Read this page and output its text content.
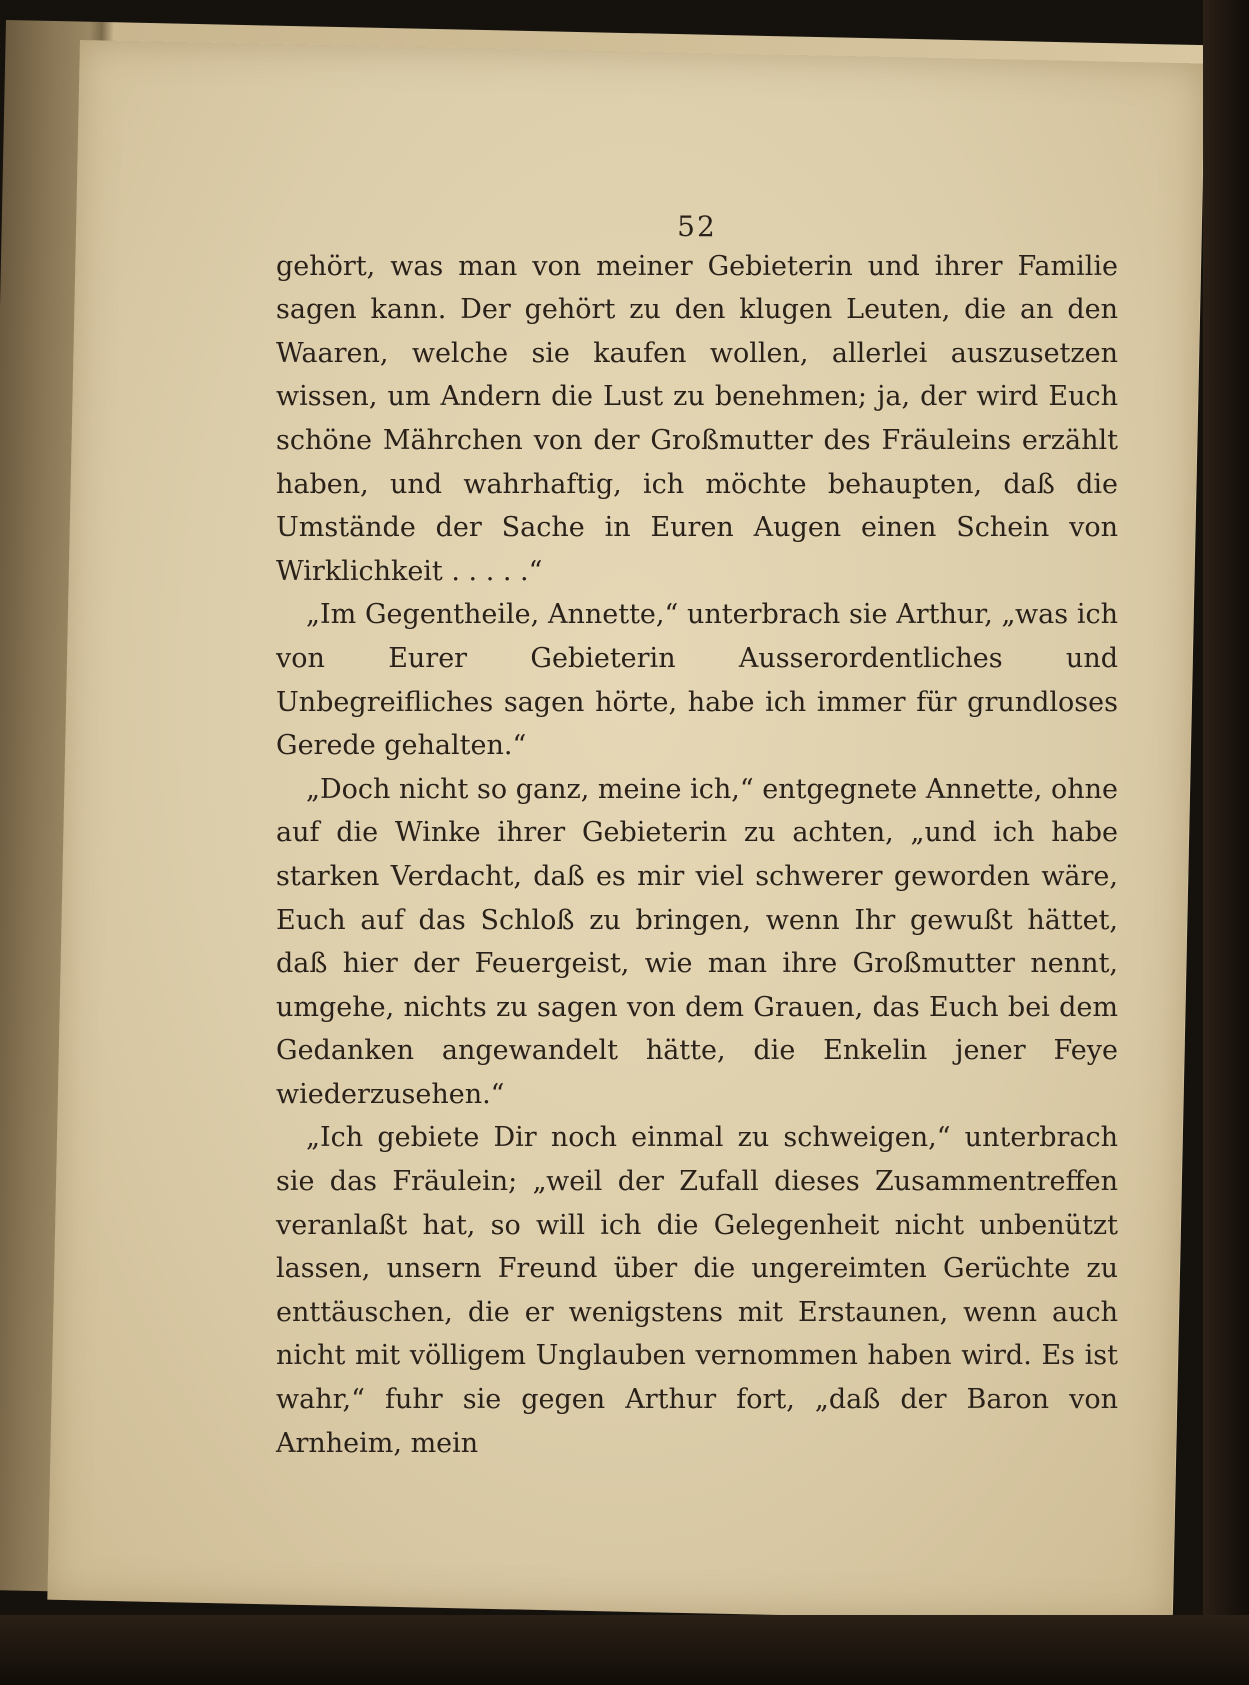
52

gehört, was man von meiner Gebieterin und ihrer Familie sagen kann. Der gehört zu den klugen Leuten, die an den Waaren, welche sie kaufen wollen, allerlei auszusetzen wissen, um Andern die Lust zu benehmen; ja, der wird Euch schöne Mährchen von der Großmutter des Fräuleins erzählt haben, und wahrhaftig, ich möchte behaupten, daß die Umstände der Sache in Euren Augen einen Schein von Wirklichkeit . . . . .“

„Im Gegentheile, Annette,“ unterbrach sie Arthur, „was ich von Eurer Gebieterin Ausserordentliches und Unbegreifliches sagen hörte, habe ich immer für grundloses Gerede gehalten.“

„Doch nicht so ganz, meine ich,“ entgegnete Annette, ohne auf die Winke ihrer Gebieterin zu achten, „und ich habe starken Verdacht, daß es mir viel schwerer geworden wäre, Euch auf das Schloß zu bringen, wenn Ihr gewußt hättet, daß hier der Feuergeist, wie man ihre Großmutter nennt, umgehe, nichts zu sagen von dem Grauen, das Euch bei dem Gedanken angewandelt hätte, die Enkelin jener Feye wiederzusehen.“

„Ich gebiete Dir noch einmal zu schweigen,“ unterbrach sie das Fräulein; „weil der Zufall dieses Zusammentreffen veranlaßt hat, so will ich die Gelegenheit nicht unbenützt lassen, unsern Freund über die ungereimten Gerüchte zu enttäuschen, die er wenigstens mit Erstaunen, wenn auch nicht mit völligem Unglauben vernommen haben wird. Es ist wahr,“ fuhr sie gegen Arthur fort, „daß der Baron von Arnheim, mein
